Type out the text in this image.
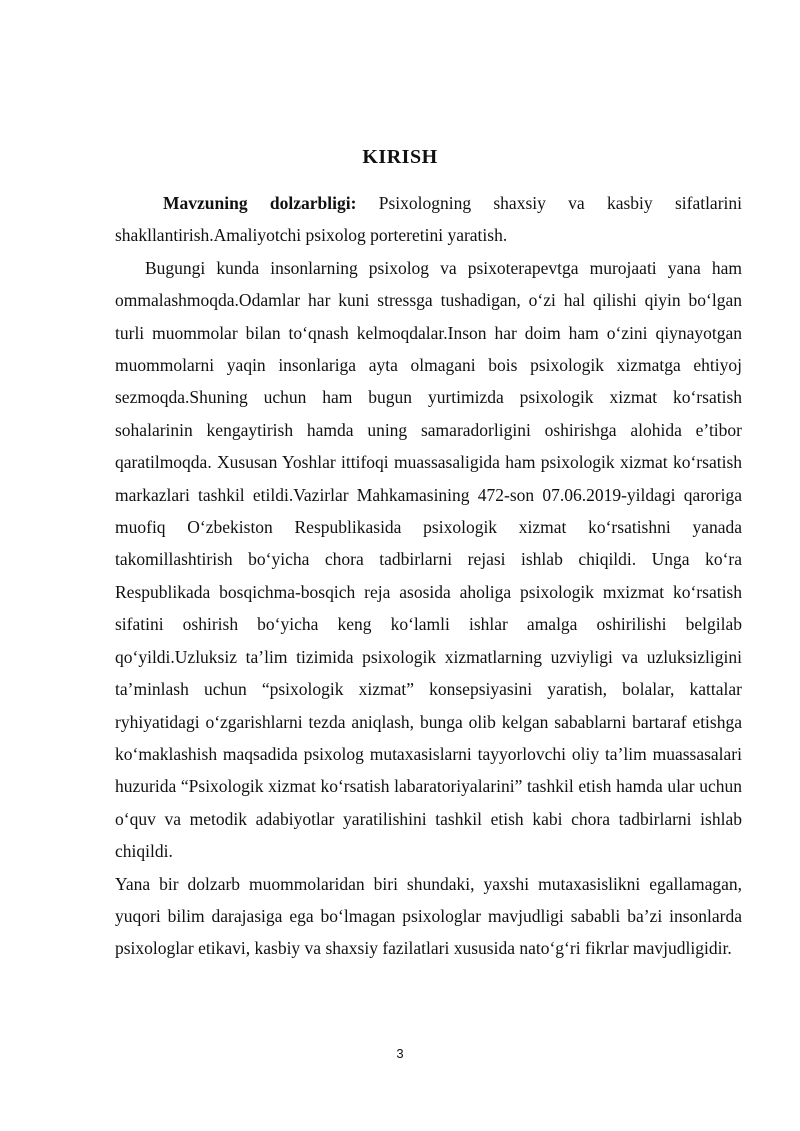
KIRISH

Mavzuning dolzarbligi: Psixologning shaxsiy va kasbiy sifatlarini shakllantirish.Amaliyotchi psixolog porteretini yaratish.

Bugungi kunda insonlarning psixolog va psixoterapevtga murojaati yana ham ommalashmoqda.Odamlar har kuni stressga tushadigan, o‘zi hal qilishi qiyin bo‘lgan turli muommolar bilan to‘qnash kelmoqdalar.Inson har doim ham o‘zini qiynayotgan muommolarni yaqin insonlariga ayta olmagani bois psixologik xizmatga ehtiyoj sezmoqda.Shuning uchun ham bugun yurtimizda psixologik xizmat ko‘rsatish sohalarinin kengaytirish hamda uning samaradorligini oshirishga alohida e’tibor qaratilmoqda. Xususan Yoshlar ittifoqi muassasaligida ham psixologik xizmat ko‘rsatish markazlari tashkil etildi.Vazirlar Mahkamasining 472-son 07.06.2019-yildagi qaroriga muofiq O‘zbekiston Respublikasida psixologik xizmat ko‘rsatishni yanada takomillashtirish bo‘yicha chora tadbirlarni rejasi ishlab chiqildi. Unga ko‘ra Respublikada bosqichma-bosqich reja asosida aholiga psixologik mxizmat ko‘rsatish sifatini oshirish bo‘yicha keng ko‘lamli ishlar amalga oshirilishi belgilab qo‘yildi.Uzluksiz ta’lim tizimida psixologik xizmatlarning uzviyligi va uzluksizligini ta’minlash uchun “psixologik xizmat” konsepsiyasini yaratish, bolalar, kattalar ryhiyatidagi o‘zgarishlarni tezda aniqlash, bunga olib kelgan sabablarni bartaraf etishga ko‘maklashish maqsadida psixolog mutaxasislarni tayyorlovchi oliy ta’lim muassasalari huzurida “Psixologik xizmat ko‘rsatish labaratoriyalarini” tashkil etish hamda ular uchun o‘quv va metodik adabiyotlar yaratilishini tashkil etish kabi chora tadbirlarni ishlab chiqildi.

Yana bir dolzarb muommolaridan biri shundaki, yaxshi mutaxasislikni egallamagan, yuqori bilim darajasiga ega bo‘lmagan psixologlar mavjudligi sababli ba’zi insonlarda psixologlar etikavi, kasbiy va shaxsiy fazilatlari xususida nato‘g‘ri fikrlar mavjudligidir.

3
